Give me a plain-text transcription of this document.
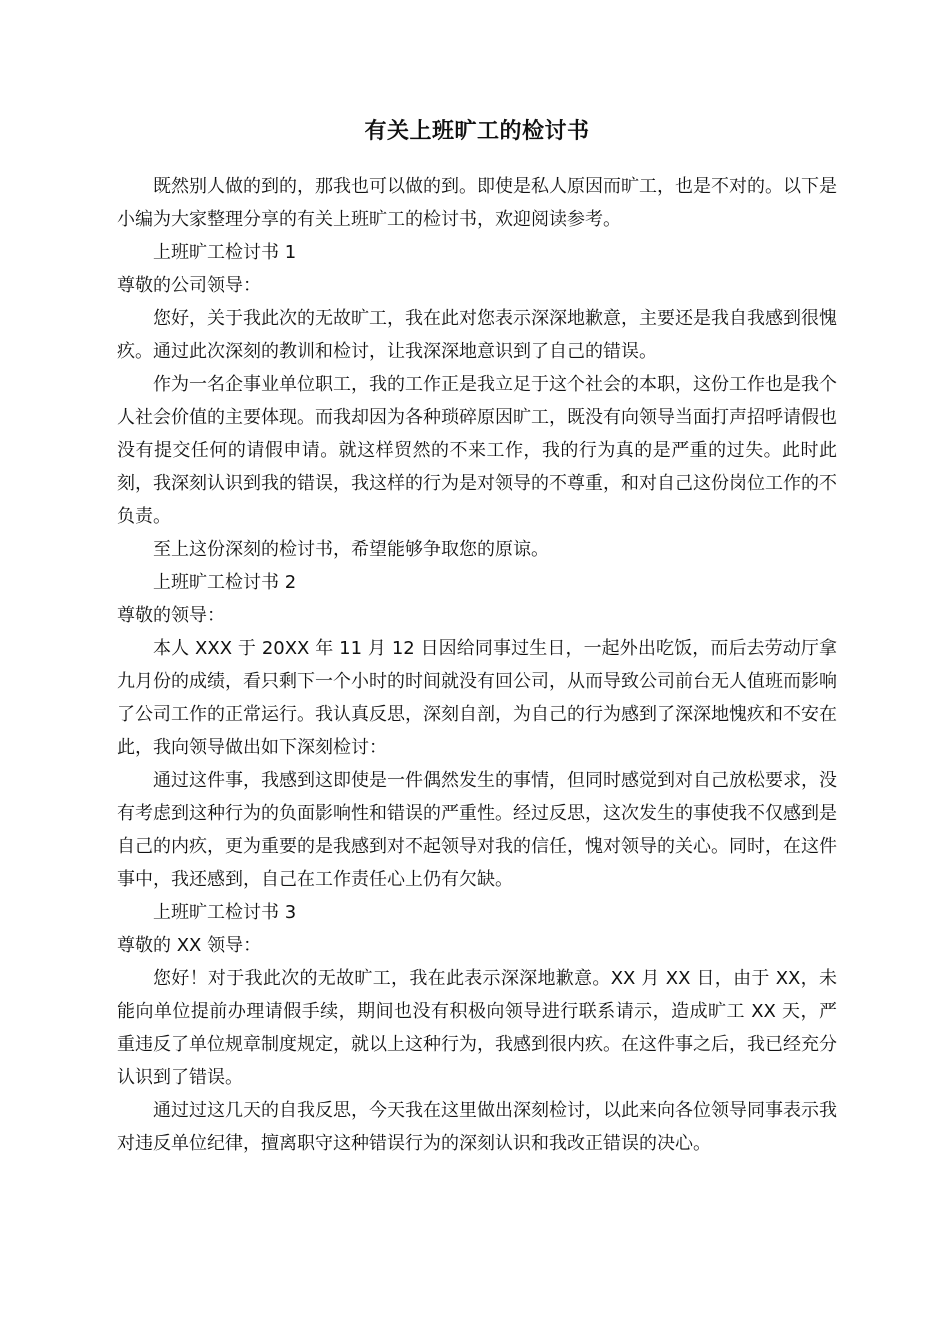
有关上班旷工的检讨书

既然别人做的到的，那我也可以做的到。即使是私人原因而旷工，也是不对的。以下是小编为大家整理分享的有关上班旷工的检讨书，欢迎阅读参考。

上班旷工检讨书 1

尊敬的公司领导：

您好，关于我此次的无故旷工，我在此对您表示深深地歉意，主要还是我自我感到很愧疚。通过此次深刻的教训和检讨，让我深深地意识到了自己的错误。

作为一名企事业单位职工，我的工作正是我立足于这个社会的本职，这份工作也是我个人社会价值的主要体现。而我却因为各种琐碎原因旷工，既没有向领导当面打声招呼请假也没有提交任何的请假申请。就这样贸然的不来工作，我的行为真的是严重的过失。此时此刻，我深刻认识到我的错误，我这样的行为是对领导的不尊重，和对自己这份岗位工作的不负责。

至上这份深刻的检讨书，希望能够争取您的原谅。

上班旷工检讨书 2

尊敬的领导：

本人 XXX 于 20XX 年 11 月 12 日因给同事过生日，一起外出吃饭，而后去劳动厅拿九月份的成绩，看只剩下一个小时的时间就没有回公司，从而导致公司前台无人值班而影响了公司工作的正常运行。我认真反思，深刻自剖，为自己的行为感到了深深地愧疚和不安在此，我向领导做出如下深刻检讨：

通过这件事，我感到这即使是一件偶然发生的事情，但同时感觉到对自己放松要求，没有考虑到这种行为的负面影响性和错误的严重性。经过反思，这次发生的事使我不仅感到是自己的内疚，更为重要的是我感到对不起领导对我的信任，愧对领导的关心。同时，在这件事中，我还感到，自己在工作责任心上仍有欠缺。

上班旷工检讨书 3

尊敬的 XX 领导：

您好！对于我此次的无故旷工，我在此表示深深地歉意。XX 月 XX 日，由于 XX，未能向单位提前办理请假手续，期间也没有积极向领导进行联系请示，造成旷工 XX 天，严重违反了单位规章制度规定，就以上这种行为，我感到很内疚。在这件事之后，我已经充分认识到了错误。

通过过这几天的自我反思，今天我在这里做出深刻检讨，以此来向各位领导同事表示我对违反单位纪律，擅离职守这种错误行为的深刻认识和我改正错误的决心。
